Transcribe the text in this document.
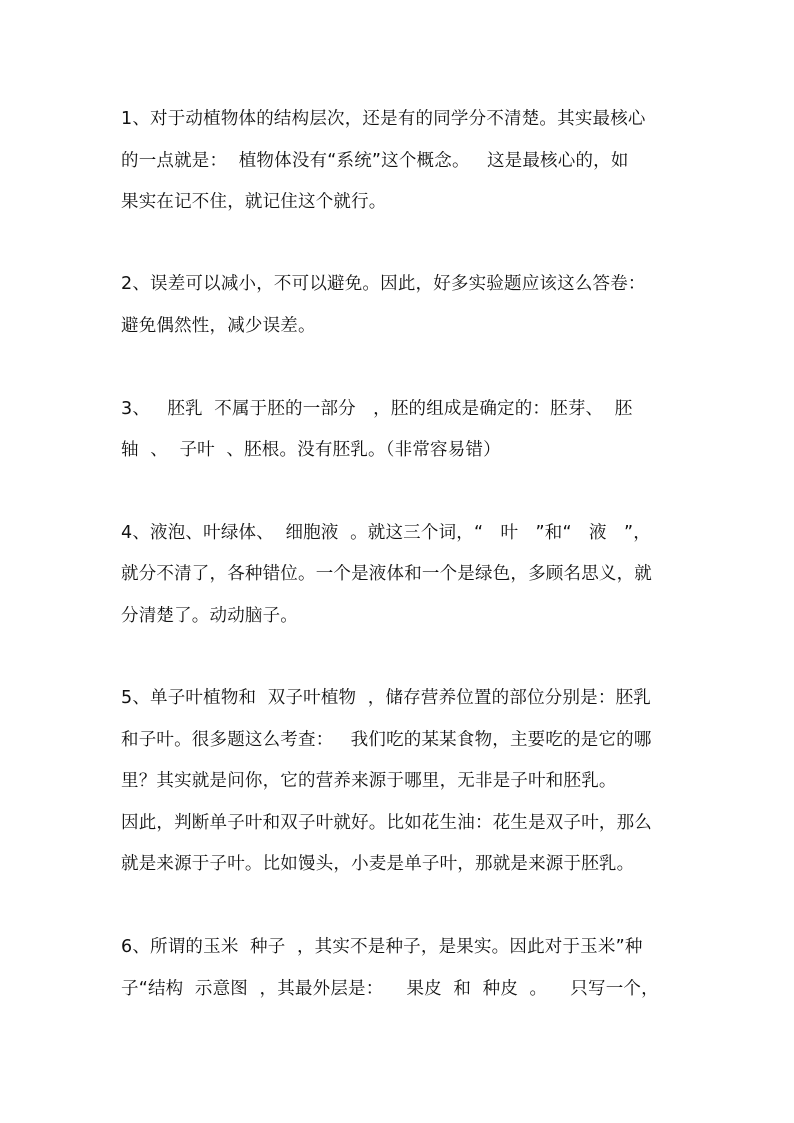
1、对于动植物体的结构层次，还是有的同学分不清楚。其实最核心
的一点就是：  植物体没有“系统”这个概念。   这是最核心的，如
果实在记不住，就记住这个就行。
2、误差可以减小，不可以避免。因此，好多实验题应该这么答卷：
避免偶然性，减少误差。
3、   胚乳  不属于胚的一部分   ，胚的组成是确定的：胚芽、  胚
轴  、  子叶  、胚根。没有胚乳。（非常容易错）
4、液泡、叶绿体、  细胞液  。就这三个词，“   叶   ”和“   液   ”，
就分不清了，各种错位。一个是液体和一个是绿色，多顾名思义，就
分清楚了。动动脑子。
5、单子叶植物和  双子叶植物  ，储存营养位置的部位分别是：胚乳
和子叶。很多题这么考查：   我们吃的某某食物，主要吃的是它的哪
里？其实就是问你，它的营养来源于哪里，无非是子叶和胚乳。
因此，判断单子叶和双子叶就好。比如花生油：花生是双子叶，那么
就是来源于子叶。比如馒头，小麦是单子叶，那就是来源于胚乳。
6、所谓的玉米  种子  ，其实不是种子，是果实。因此对于玉米”种
子“结构  示意图  ，其最外层是：    果皮  和  种皮  。    只写一个，
